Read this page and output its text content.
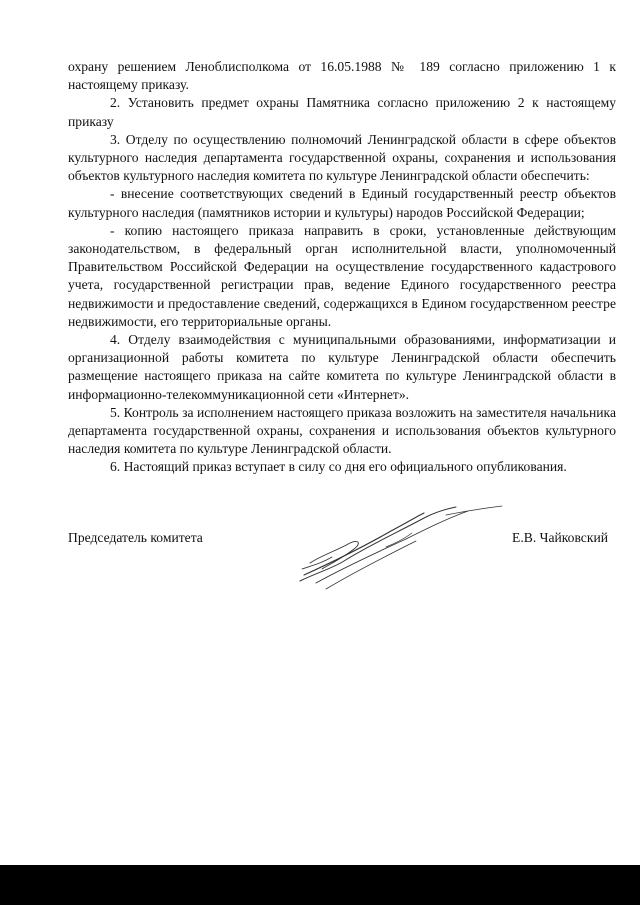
охрану решением Леноблисполкома от 16.05.1988 № 189 согласно приложению 1 к настоящему приказу.

2. Установить предмет охраны Памятника согласно приложению 2 к настоящему приказу

3. Отделу по осуществлению полномочий Ленинградской области в сфере объектов культурного наследия департамента государственной охраны, сохранения и использования объектов культурного наследия комитета по культуре Ленинградской области обеспечить:

- внесение соответствующих сведений в Единый государственный реестр объектов культурного наследия (памятников истории и культуры) народов Российской Федерации;

- копию настоящего приказа направить в сроки, установленные действующим законодательством, в федеральный орган исполнительной власти, уполномоченный Правительством Российской Федерации на осуществление государственного кадастрового учета, государственной регистрации прав, ведение Единого государственного реестра недвижимости и предоставление сведений, содержащихся в Едином государственном реестре недвижимости, его территориальные органы.

4. Отделу взаимодействия с муниципальными образованиями, информатизации и организационной работы комитета по культуре Ленинградской области обеспечить размещение настоящего приказа на сайте комитета по культуре Ленинградской области в информационно-телекоммуникационной сети «Интернет».

5. Контроль за исполнением настоящего приказа возложить на заместителя начальника департамента государственной охраны, сохранения и использования объектов культурного наследия комитета по культуре Ленинградской области.

6. Настоящий приказ вступает в силу со дня его официального опубликования.

Председатель комитета	Е.В. Чайковский
